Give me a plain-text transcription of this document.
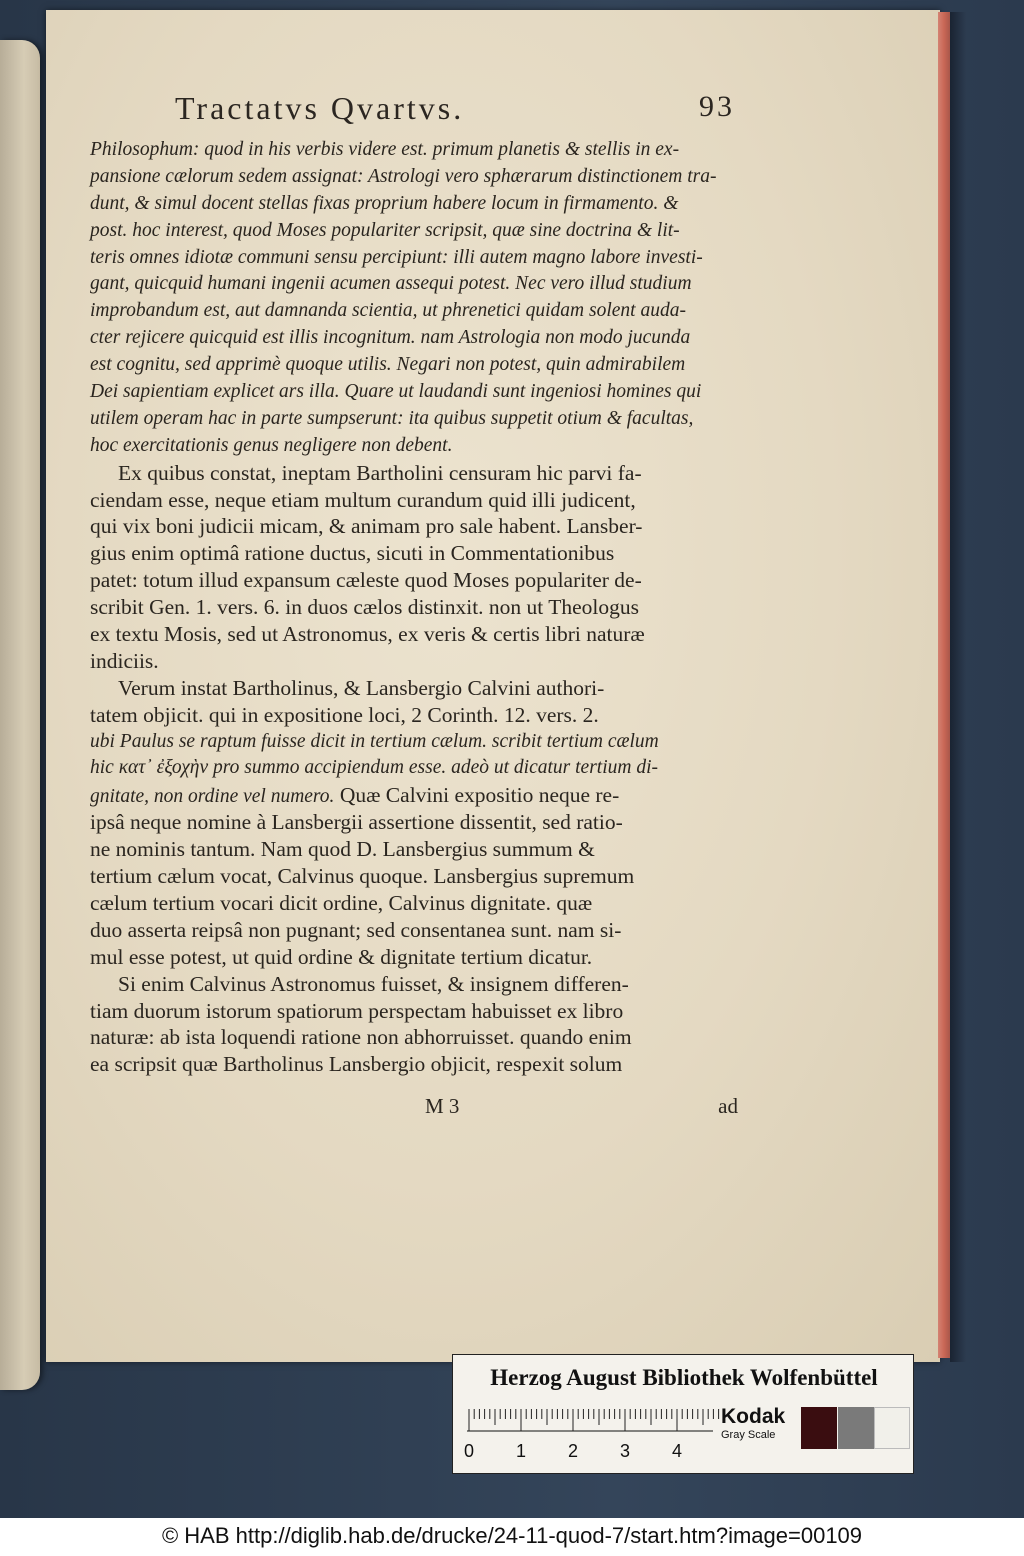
Tractatvs Qvartvs.	93
Philosophum: quod in his verbis videre est. primum planetis & stellis in ex-
pansione cælorum sedem assignat: Astrologi vero sphærarum distinctionem tra-
dunt, & simul docent stellas fixas proprium habere locum in firmamento. &
post. hoc interest, quod Moses populariter scripsit, quæ sine doctrina & lit-
teris omnes idiotæ communi sensu percipiunt: illi autem magno labore investi-
gant, quicquid humani ingenii acumen assequi potest. Nec vero illud studium
improbandum est, aut damnanda scientia, ut phrenetici quidam solent auda-
cter rejicere quicquid est illis incognitum. nam Astrologia non modo jucunda
est cognitu, sed apprimè quoque utilis. Negari non potest, quin admirabilem
Dei sapientiam explicet ars illa. Quare ut laudandi sunt ingeniosi homines qui
utilem operam hac in parte sumpserunt: ita quibus suppetit otium & facultas,
hoc exercitationis genus negligere non debent.
Ex quibus constat, ineptam Bartholini censuram hic parvi fa-
ciendam esse, neque etiam multum curandum quid illi judicent,
qui vix boni judicii micam, & animam pro sale habent. Lansber-
gius enim optimâ ratione ductus, sicuti in Commentationibus
patet: totum illud expansum cæleste quod Moses populariter de-
scribit Gen. 1. vers. 6. in duos cælos distinxit. non ut Theologus
ex textu Mosis, sed ut Astronomus, ex veris & certis libri naturæ
indiciis.
Verum instat Bartholinus, & Lansbergio Calvini authori-
tatem objicit. qui in expositione loci, 2 Corinth. 12. vers. 2.
ubi Paulus se raptum fuisse dicit in tertium cælum. scribit tertium cælum
hic κατ᾽ ἐξοχὴν pro summo accipiendum esse. adeò ut dicatur tertium di-
gnitate, non ordine vel numero. Quæ Calvini expositio neque re-
ipsâ neque nomine à Lansbergii assertione dissentit, sed ratio-
ne nominis tantum. Nam quod D. Lansbergius summum &
tertium cælum vocat, Calvinus quoque. Lansbergius supremum
cælum tertium vocari dicit ordine, Calvinus dignitate. quæ
duo asserta reipsâ non pugnant; sed consentanea sunt. nam si-
mul esse potest, ut quid ordine & dignitate tertium dicatur.
Si enim Calvinus Astronomus fuisset, & insignem differen-
tiam duorum istorum spatiorum perspectam habuisset ex libro
naturæ: ab ista loquendi ratione non abhorruisset. quando enim
ea scripsit quæ Bartholinus Lansbergio objicit, respexit solum
M 3	ad
Herzog August Bibliothek Wolfenbüttel
0 1 2 3 4
Kodak
Gray Scale
© HAB http://diglib.hab.de/drucke/24-11-quod-7/start.htm?image=00109
